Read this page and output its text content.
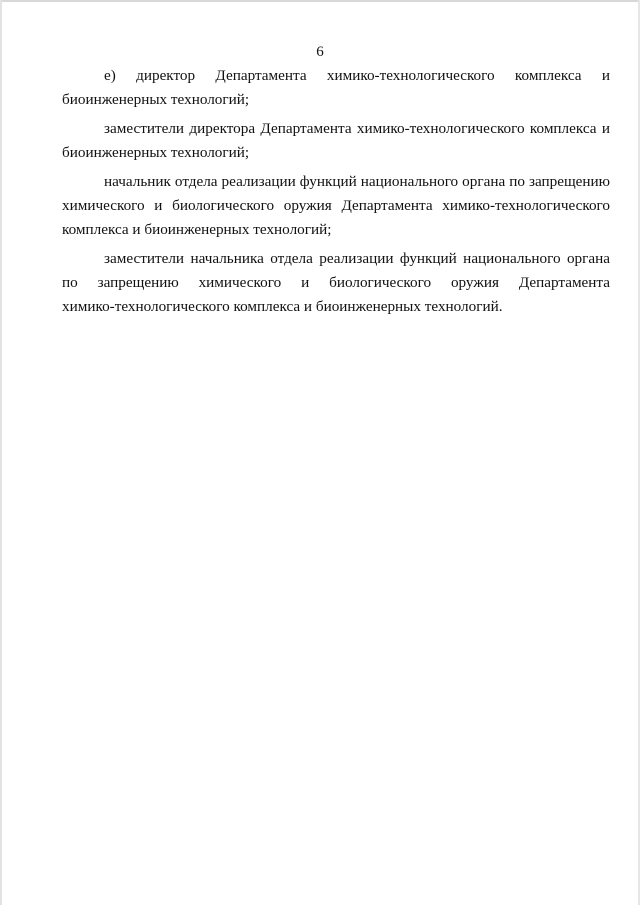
6
е) директор Департамента химико-технологического комплекса и
биоинженерных технологий;
заместители директора Департамента химико-технологического комплекса и
биоинженерных технологий;
начальник отдела реализации функций национального органа по запрещению
химического и биологического оружия Департамента химико-технологического
комплекса и биоинженерных технологий;
заместители начальника отдела реализации функций национального органа
по запрещению химического и биологического оружия Департамента
химико-технологического комплекса и биоинженерных технологий.
